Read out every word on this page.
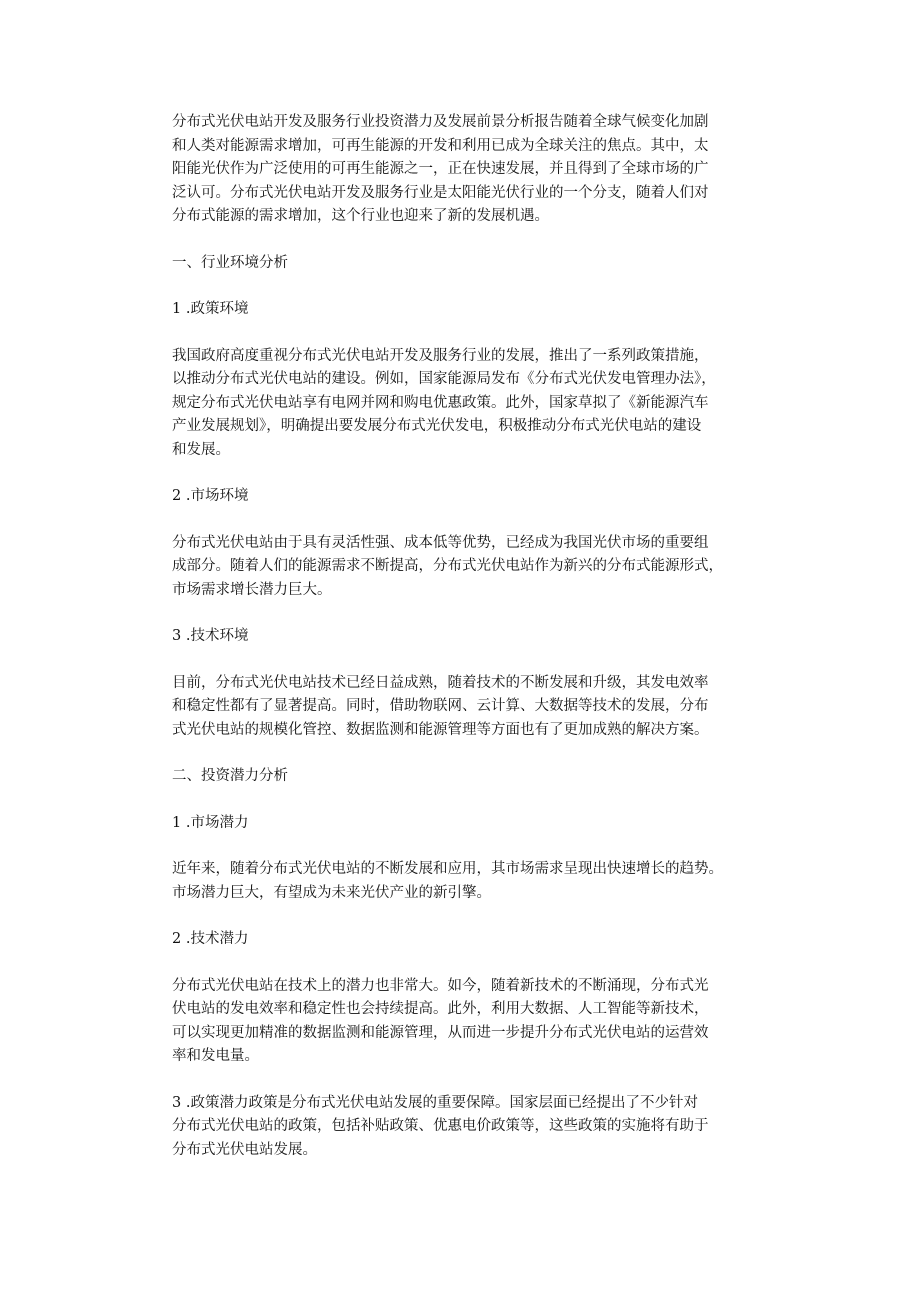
分布式光伏电站开发及服务行业投资潜力及发展前景分析报告随着全球气候变化加剧
和人类对能源需求增加，可再生能源的开发和利用已成为全球关注的焦点。其中，太
阳能光伏作为广泛使用的可再生能源之一，正在快速发展，并且得到了全球市场的广
泛认可。分布式光伏电站开发及服务行业是太阳能光伏行业的一个分支，随着人们对
分布式能源的需求增加，这个行业也迎来了新的发展机遇。

一、行业环境分析

1 .政策环境

我国政府高度重视分布式光伏电站开发及服务行业的发展，推出了一系列政策措施，
以推动分布式光伏电站的建设。例如，国家能源局发布《分布式光伏发电管理办法》，
规定分布式光伏电站享有电网并网和购电优惠政策。此外，国家草拟了《新能源汽车
产业发展规划》，明确提出要发展分布式光伏发电，积极推动分布式光伏电站的建设
和发展。

2 .市场环境

分布式光伏电站由于具有灵活性强、成本低等优势，已经成为我国光伏市场的重要组
成部分。随着人们的能源需求不断提高，分布式光伏电站作为新兴的分布式能源形式，
市场需求增长潜力巨大。

3 .技术环境

目前，分布式光伏电站技术已经日益成熟，随着技术的不断发展和升级，其发电效率
和稳定性都有了显著提高。同时，借助物联网、云计算、大数据等技术的发展，分布
式光伏电站的规模化管控、数据监测和能源管理等方面也有了更加成熟的解决方案。

二、投资潜力分析

1 .市场潜力

近年来，随着分布式光伏电站的不断发展和应用，其市场需求呈现出快速增长的趋势。
市场潜力巨大，有望成为未来光伏产业的新引擎。

2 .技术潜力

分布式光伏电站在技术上的潜力也非常大。如今，随着新技术的不断涌现，分布式光
伏电站的发电效率和稳定性也会持续提高。此外，利用大数据、人工智能等新技术，
可以实现更加精准的数据监测和能源管理，从而进一步提升分布式光伏电站的运营效
率和发电量。

3 .政策潜力政策是分布式光伏电站发展的重要保障。国家层面已经提出了不少针对
分布式光伏电站的政策，包括补贴政策、优惠电价政策等，这些政策的实施将有助于
分布式光伏电站发展。
